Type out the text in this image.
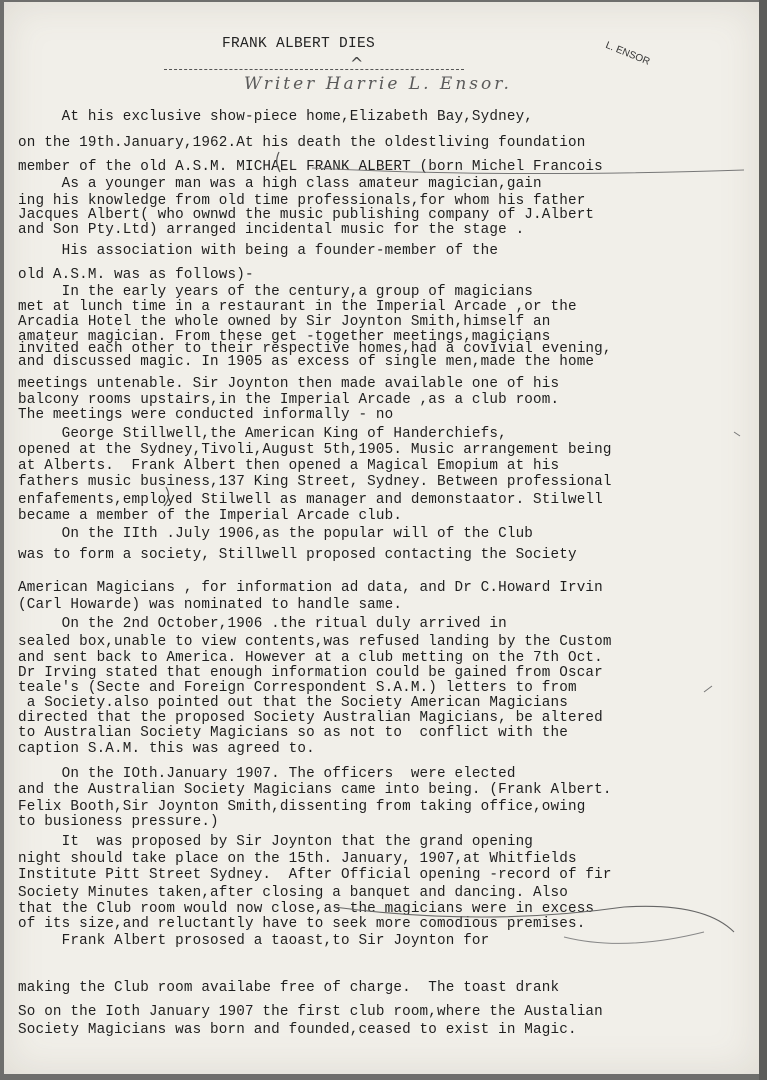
FRANK ALBERT DIES
^	L. ENSOR
Writer Harrie L. Ensor.
At his exclusive show-piece home,Elizabeth Bay,Sydney,
on the 19th.January,1962.At his death the oldestliving foundation
member of the old A.S.M. MICHAEL FRANK ALBERT (born Michel Francois
As a younger man was a high class amateur magician,gain
ing his knowledge from old time professionals,for whom his father
Jacques Albert( who ownwd the music publishing company of J.Albert
and Son Pty.Ltd) arranged incidental music for the stage .
His association with being a founder-member of the
old A.S.M. was as follows)-
In the early years of the century,a group of magicians
met at lunch time in a restaurant in the Imperial Arcade ,or the
Arcadia Hotel the whole owned by Sir Joynton Smith,himself an
amateur magician. From these get -together meetings,magicians
invited each other to their respective homes,had a covivial evening,
and discussed magic. In 1905 as excess of single men,made the home
meetings untenable. Sir Joynton then made available one of his
balcony rooms upstairs,in the Imperial Arcade ,as a club room.
The meetings were conducted informally - no
George Stillwell,the American King of Handerchiefs,
opened at the Sydney,Tivoli,August 5th,1905. Music arrangement being
at Alberts.  Frank Albert then opened a Magical Emopium at his
fathers music business,137 King Street, Sydney. Between professional
enfafements,employed Stilwell as manager and demonstaator. Stilwell
became a member of the Imperial Arcade club.
On the IIth .July 1906,as the popular will of the Club
was to form a society, Stillwell proposed contacting the Society
American Magicians , for information ad data, and Dr C.Howard Irvin
(Carl Howarde) was nominated to handle same.
On the 2nd October,1906 .the ritual duly arrived in
sealed box,unable to view contents,was refused landing by the Custom
and sent back to America. However at a club metting on the 7th Oct.
Dr Irving stated that enough information could be gained from Oscar
teale's (Secte and Foreign Correspondent S.A.M.) letters to from
a Society.also pointed out that the Society American Magicians
directed that the proposed Society Australian Magicians, be altered
to Australian Society Magicians so as not to  conflict with the
caption S.A.M. this was agreed to.
On the IOth.January 1907. The officers  were elected
and the Australian Society Magicians came into being. (Frank Albert.
Felix Booth,Sir Joynton Smith,dissenting from taking office,owing
to busioness pressure.)
It  was proposed by Sir Joynton that the grand opening
night should take place on the 15th. January, 1907,at Whitfields
Institute Pitt Street Sydney.  After Official opening -record of fir
Society Minutes taken,after closing a banquet and dancing. Also
that the Club room would now close,as the magicians were in excess
of its size,and reluctantly have to seek more comodious premises.
Frank Albert prososed a taoast,to Sir Joynton for
making the Club room availabe free of charge.  The toast drank
So on the Ioth January 1907 the first club room,where the Austalian
Society Magicians was born and founded,ceased to exist in Magic.
